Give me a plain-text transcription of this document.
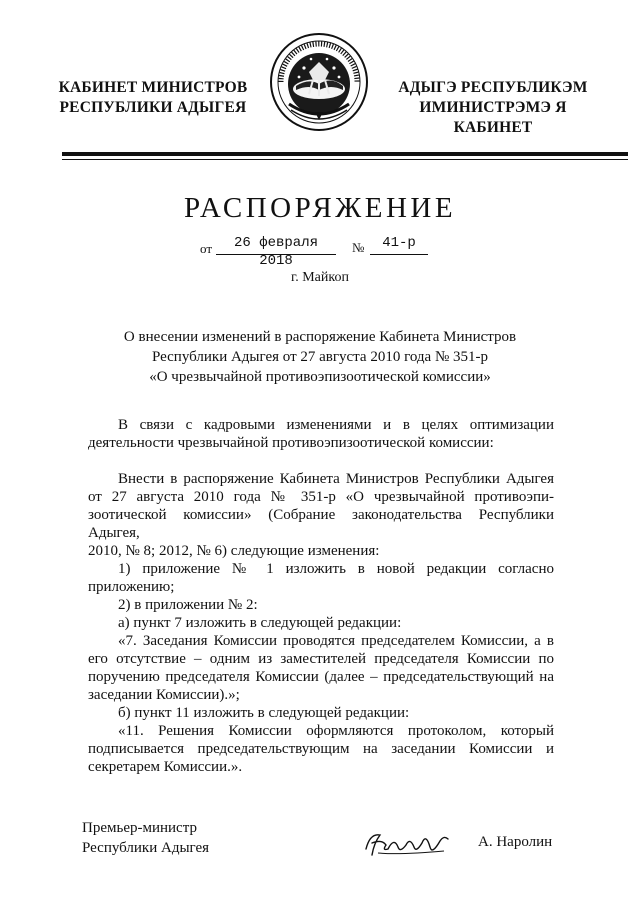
КАБИНЕТ МИНИСТРОВ
РЕСПУБЛИКИ АДЫГЕЯ
АДЫГЭ РЕСПУБЛИКЭМ
ИМИНИСТРЭМЭ Я КАБИНЕТ
РАСПОРЯЖЕНИЕ
от	26 февраля 2018
№	41-р
г. Майкоп
О внесении изменений в распоряжение Кабинета Министров
Республики Адыгея от 27 августа 2010 года № 351-р
«О чрезвычайной противоэпизоотической комиссии»
В связи с кадровыми изменениями и в целях оптимизации
деятельности чрезвычайной противоэпизоотической комиссии:
Внести в распоряжение Кабинета Министров Республики Адыгея
от 27 августа 2010 года № 351-р «О чрезвычайной противоэпи-
зоотической комиссии» (Собрание законодательства Республики Адыгея,
2010, № 8; 2012, № 6) следующие изменения:
1) приложение № 1 изложить в новой редакции согласно
приложению;
2) в приложении № 2:
а) пункт 7 изложить в следующей редакции:
«7. Заседания Комиссии проводятся председателем Комиссии, а в
его отсутствие – одним из заместителей председателя Комиссии по
поручению председателя Комиссии (далее – председательствующий на
заседании Комиссии).»;
б) пункт 11 изложить в следующей редакции:
«11. Решения Комиссии оформляются протоколом, который
подписывается председательствующим на заседании Комиссии и
секретарем Комиссии.».
Премьер-министр
Республики Адыгея	А. Наролин
